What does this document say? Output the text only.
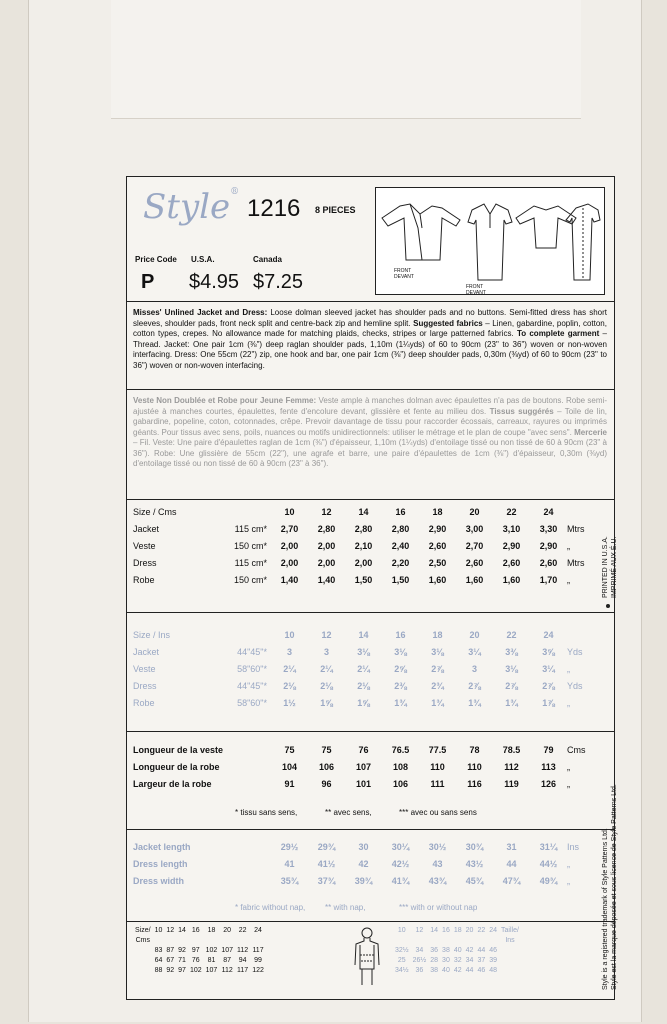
Style®
1216 8 PIECES
FRONT
DEVANT
FRONT
DEVANT
Price Code U.S.A.	Canada
P $4.95 $7.25
Misses' Unlined Jacket and Dress: Loose dolman sleeved jacket has shoulder pads and no buttons. Semi-fitted dress has short sleeves, shoulder pads, front neck split and centre-back zip and hemline split. Suggested fabrics – Linen, gabardine, poplin, cotton, cotton types, crepes. No allowance made for matching plaids, checks, stripes or large patterned fabrics. To complete garment – Thread. Jacket: One pair 1cm (⅜") deep raglan shoulder pads, 1,10m (1¼yds) of 60 to 90cm (23" to 36") woven or non-woven interfacing. Dress: One 55cm (22") zip, one hook and bar, one pair 1cm (⅜") deep shoulder pads, 0,30m (⅜yd) of 60 to 90cm (23" to 36") woven or non-woven interfacing.
Veste Non Doublée et Robe pour Jeune Femme: Veste ample à manches dolman avec épaulettes n'a pas de boutons. Robe semi-ajustée à manches courtes, épaulettes, fente d'encolure devant, glissière et fente au milieu dos. Tissus suggérés – Toile de lin, gabardine, popeline, coton, cotonnades, crêpe. Prevoir davantage de tissu pour raccorder écossais, carreaux, rayures ou imprimés géants. Pour tissus avec sens, poils, nuances ou motifs unidirectionnels: utiliser le métrage et le plan de coupe "avec sens". Mercerie – Fil. Veste: Une paire d'épaulettes raglan de 1cm (⅜") d'épaisseur, 1,10m (1¼yds) d'entoilage tissé ou non tissé de 60 à 90cm (23" à 36"). Robe: Une glissière de 55cm (22"), une agrafe et barre, une paire d'épaulettes de 1cm (⅜") d'épaisseur, 0,30m (⅜yd) d'entoilage tissé ou non tissé de 60 à 90cm (23" à 36").
Size / Cms		10	12	14	16	18	20	22	24	
Jacket	115 cm*	2,70	2,80	2,80	2,80	2,90	3,00	3,10	3,30	Mtrs
Veste	150 cm*	2,00	2,00	2,10	2,40	2,60	2,70	2,90	2,90	„
Dress	115 cm*	2,00	2,00	2,00	2,20	2,50	2,60	2,60	2,60	Mtrs
Robe	150 cm*	1,40	1,40	1,50	1,50	1,60	1,60	1,60	1,70	„
Size / Ins		10	12	14	16	18	20	22	24	
Jacket	44"45"*	3	3	3⅛	3⅛	3⅛	3¼	3⅜	3⅝	Yds
Veste	58"60"*	2¼	2¼	2¼	2⅝	2⅞	3	3⅛	3¼	„
Dress	44"45"*	2⅛	2⅛	2⅛	2⅜	2¾	2⅞	2⅞	2⅞	Yds
Robe	58"60"*	1½	1⅝	1⅝	1¾	1¾	1¾	1¾	1⅞	„
Longueur de la veste	75	75	76	76.5	77.5	78	78.5	79	Cms
Longueur de la robe	104	106	107	108	110	110	112	113	„
Largeur de la robe	91	96	101	106	111	116	119	126	„
* tissu sans sens,	** avec sens,	*** avec ou sans sens
Jacket length	29½	29¾	30	30¼	30½	30¾	31	31¼	Ins
Dress length	41	41½	42	42½	43	43½	44	44½	„
Dress width	35¾	37¾	39¾	41¾	43¾	45¾	47¾	49¾	„
* fabric without nap, ** with nap,	*** with or without nap
Size/	10	12	14	16	18	20	22	24
Cms								
	83	87	92	97	102	107	112	117
	64	67	71	76	81	87	94	99
	88	92	97	102	107	112	117	122
10	12	14	16	18	20	22	24	Taille/
								Ins
32½	34	36	38	40	42	44	46	
25	26½	28	30	32	34	37	39	
34½	36	38	40	42	44	46	48	
PRINTED IN U.S.A. IMPRIMÉ AUX É.U.
Style is a registered trademark of Style Patterns Ltd. Style est la marque déposée et sous licence de Style Patterns Ltd.
